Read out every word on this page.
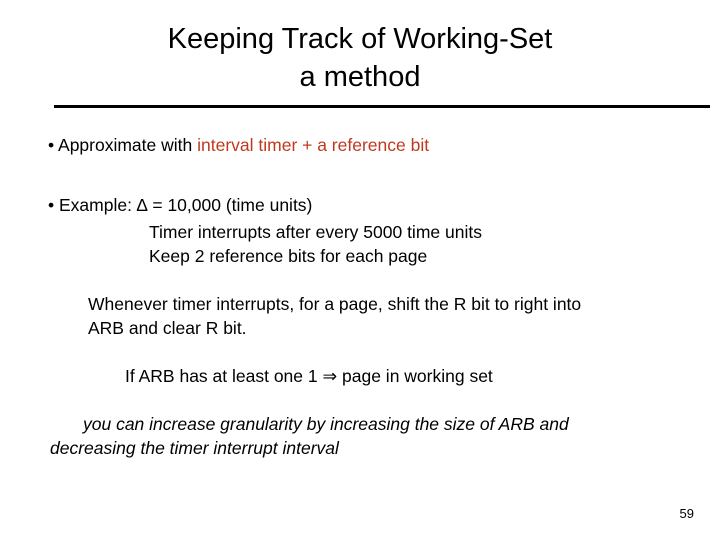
Keeping Track of Working-Set
a method
• Approximate with interval timer + a reference bit
• Example: ∆ = 10,000 (time units)
Timer interrupts after every 5000 time units
Keep 2 reference bits for each page
Whenever timer interrupts, for a page, shift the R bit to right into
ARB and clear R bit.
If ARB has at least one 1 ⇒ page in working set
you can increase granularity by increasing the size of ARB and
decreasing the timer interrupt interval
59
